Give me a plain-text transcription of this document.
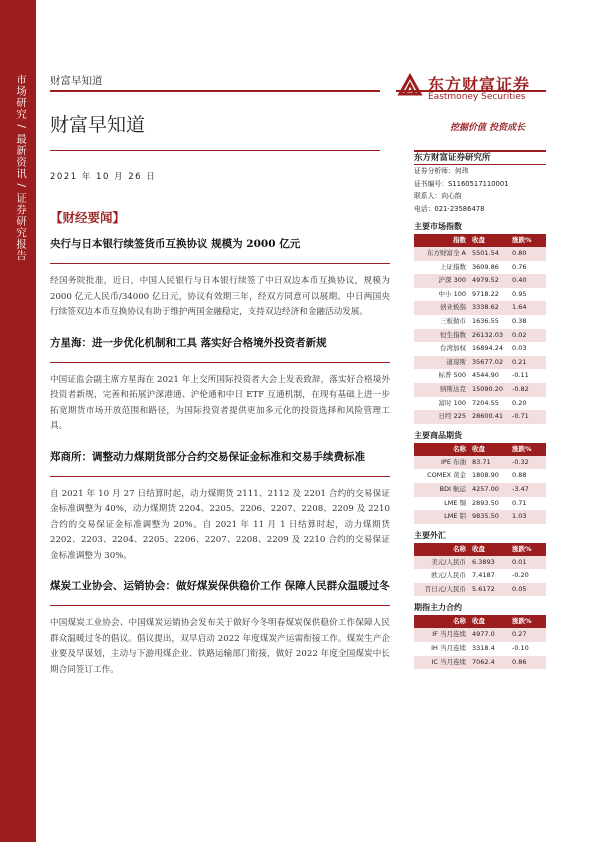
市场研究 / 最新资讯 / 证券研究报告 财富早知道
财富早知道
东方财富证券
Eastmoney Securities
挖掘价值 投资成长
2021 年 10 月 26 日
【财经要闻】
央行与日本银行续签货币互换协议 规模为 2000 亿元
经国务院批准，近日，中国人民银行与日本银行续签了中日双边本币互换协议，规模为 2000 亿元人民币/34000 亿日元，协议有效期三年，经双方同意可以展期。中日两国央行续签双边本币互换协议有助于维护两国金融稳定，支持双边经济和金融活动发展。
方星海：进一步优化机制和工具 落实好合格境外投资者新规
中国证监会副主席方星海在 2021 年上交所国际投资者大会上发表致辞，落实好合格境外投资者新规，完善和拓展沪深港通、沪伦通和中日 ETF 互通机制，在现有基础上进一步拓宽期货市场开放范围和路径，为国际投资者提供更加多元化的投资选择和风险管理工具。
郑商所：调整动力煤期货部分合约交易保证金标准和交易手续费标准
自 2021 年 10 月 27 日结算时起，动力煤期货 2111、2112 及 2201 合约的交易保证金标准调整为 40%，动力煤期货 2204、2205、2206、2207、2208、2209 及 2210 合约的交易保证金标准调整为 20%。自 2021 年 11 月 1 日结算时起，动力煤期货 2202、2203、2204、2205、2206、2207、2208、2209 及 2210 合约的交易保证金标准调整为 30%。
煤炭工业协会、运销协会：做好煤炭保供稳价工作 保障人民群众温暖过冬
中国煤炭工业协会、中国煤炭运销协会发布关于做好今冬明春煤炭保供稳价工作保障人民群众温暖过冬的倡议。倡议提出，双早启动 2022 年度煤炭产运需衔接工作。煤炭生产企业要及早谋划，主动与下游用煤企业、铁路运输部门衔接，做好 2022 年度全国煤炭中长期合同签订工作。
东方财富证券研究所
证券分析师：何玮
证书编号：S1160517110001
联系人：向心韵
电话：021-23586478
主要市场指数
指数 收盘	涨跌%
东方财富全 A 5501.54	0.80
上证指数 3609.86	0.76
沪深 300 4979.52	0.40
中小 100 9718.22	0.95
创业板指 3338.62	1.64
三板做市 1636.55	0.38
恒生指数 26132.03	0.02
台湾加权 16894.24	0.03
道琼斯 35677.02	0.21
标普 500 4544.90	-0.11
纳斯达克 15090.20	-0.82
富时 100 7204.55	0.20
日经 225 28600.41	-0.71
主要商品期货
名称 收盘	涨跌%
IPE 布油 83.71	-0.32
COMEX 黄金 1808.90	0.88
BDI 航运 4257.00	-3.47
LME 铜 2893.50	0.71
LME 铝 9835.50	1.03
主要外汇
名称 收盘	涨跌%
美元/人民币 6.3893	0.01
欧元/人民币 7.4187	-0.20
百日元/人民币 5.6172	0.05
期指主力合约
名称 收盘	涨跌%
IF 当月连续 4977.0	0.27
IH 当月连续 3318.4	-0.10
IC 当月连续 7062.4	0.86
